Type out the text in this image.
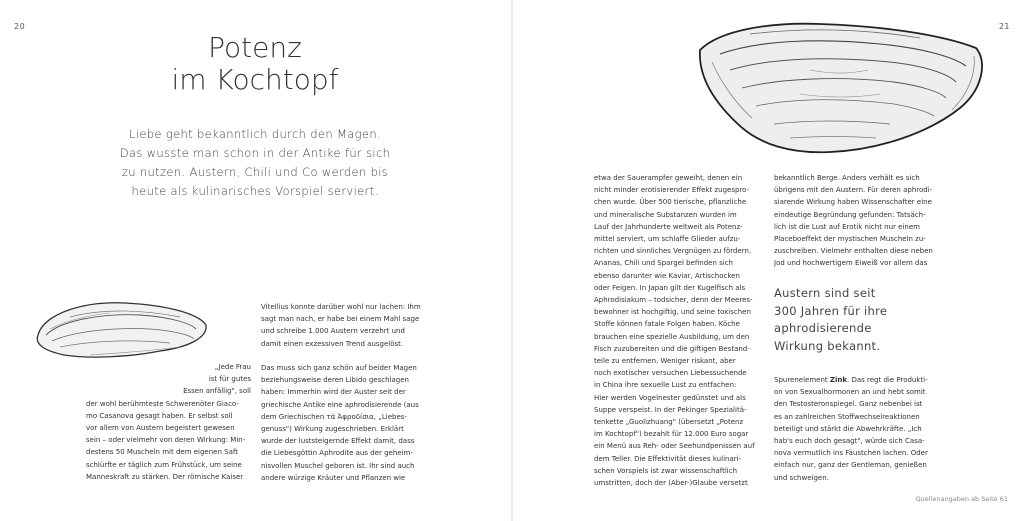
20	21
Potenz
im Kochtopf
Liebe geht bekanntlich durch den Magen.
Das wusste man schon in der Antike für sich
zu nutzen. Austern, Chili und Co werden bis
heute als kulinarisches Vorspiel serviert.
„Jede Frau
ist für gutes
Essen anfällig", soll
der wohl berühmteste Schwerenöter Giaco-
mo Casanova gesagt haben. Er selbst soll
vor allem von Austern begeistert gewesen
sein – oder vielmehr von deren Wirkung: Min-
destens 50 Muscheln mit dem eigenen Saft
schlürfte er täglich zum Frühstück, um seine
Manneskraft zu stärken. Der römische Kaiser
Vitellius konnte darüber wohl nur lachen: Ihm
sagt man nach, er habe bei einem Mahl sage
und schreibe 1.000 Austern verzehrt und
damit einen exzessiven Trend ausgelöst.
Das muss sich ganz schön auf beider Magen
beziehungsweise deren Libido geschlagen
haben: Immerhin wird der Auster seit der
griechische Antike eine aphrodisierende (aus
dem Griechischen τά Άφροδίσια, „Liebes-
genuss") Wirkung zugeschrieben. Erklärt
wurde der luststeigernde Effekt damit, dass
die Liebesgöttin Aphrodite aus der geheim-
nisvollen Muschel geboren ist. Ihr sind auch
andere würzige Kräuter und Pflanzen wie
etwa der Sauerampfer geweiht, denen ein
nicht minder erotisierender Effekt zugespro-
chen wurde. Über 500 tierische, pflanzliche
und mineralische Substanzen wurden im
Lauf der Jahrhunderte weltweit als Potenz-
mittel serviert, um schlaffe Glieder aufzu-
richten und sinnliches Vergnügen zu fördern.
Ananas, Chili und Spargel befinden sich
ebenso darunter wie Kaviar, Artischocken
oder Feigen. In Japan gilt der Kugelfisch als
Aphrodisiakum – todsicher, denn der Meeres-
bewohner ist hochgiftig, und seine toxischen
Stoffe können fatale Folgen haben. Köche
brauchen eine spezielle Ausbildung, um den
Fisch zuzubereiten und die giftigen Bestand-
teile zu entfernen. Weniger riskant, aber
noch exotischer versuchen Liebessuchende
in China ihre sexuelle Lust zu entfachen:
Hier werden Vogelnester gedünstet und als
Suppe verspeist. In der Pekinger Spezialitä-
tenkette „Guolizhuang" (übersetzt „Potenz
im Kochtopf") bezahlt für 12.000 Euro sogar
ein Menü aus Reh- oder Seehundpenissen auf
dem Teller. Die Effektivität dieses kulinari-
schen Vorspiels ist zwar wissenschaftlich
umstritten, doch der (Aber-)Glaube versetzt
bekanntlich Berge. Anders verhält es sich
übrigens mit den Austern. Für deren aphrodi-
siarende Wirkung haben Wissenschafter eine
eindeutige Begründung gefunden: Tatsäch-
lich ist die Lust auf Erotik nicht nur einem
Placeboeffekt der mystischen Muscheln zu-
zuschreiben. Vielmehr enthalten diese neben
Jod und hochwertigem Eiweiß vor allem das
Austern sind seit
300 Jahren für ihre
aphrodisierende
Wirkung bekannt.
Spurenelement Zink. Das regt die Produkti-
on von Sexualhormonen an und hebt somit
den Testosteronspiegel. Ganz nebenbei ist
es an zahlreichen Stoffwechselreaktionen
beteiligt und stärkt die Abwehrkräfte. „Ich
hab's euch doch gesagt", würde sich Casa-
nova vermutlich ins Fäustchen lachen. Oder
einfach nur, ganz der Gentleman, genießen
und schweigen.
Quellenangaben ab Seite 61
